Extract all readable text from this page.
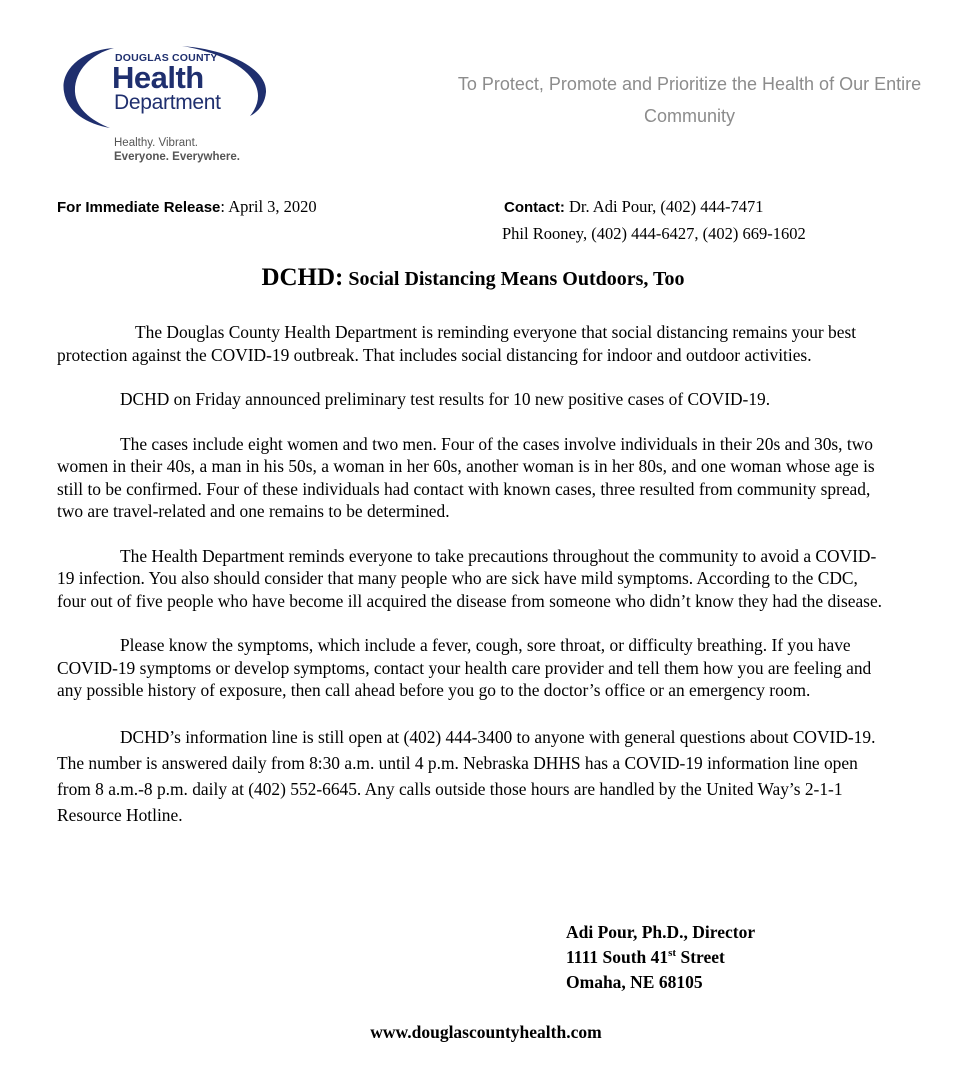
DOUGLAS COUNTY
Health
Department
Healthy. Vibrant.
Everyone. Everywhere.
To Protect, Promote and Prioritize the Health of Our Entire Community
For Immediate Release: April 3, 2020	Contact: Dr. Adi Pour, (402) 444-7471
Phil Rooney, (402) 444-6427, (402) 669-1602
DCHD: Social Distancing Means Outdoors, Too

The Douglas County Health Department is reminding everyone that social distancing remains your best protection against the COVID-19 outbreak. That includes social distancing for indoor and outdoor activities.

DCHD on Friday announced preliminary test results for 10 new positive cases of COVID-19.

The cases include eight women and two men. Four of the cases involve individuals in their 20s and 30s, two women in their 40s, a man in his 50s, a woman in her 60s, another woman is in her 80s, and one woman whose age is still to be confirmed. Four of these individuals had contact with known cases, three resulted from community spread, two are travel-related and one remains to be determined.

The Health Department reminds everyone to take precautions throughout the community to avoid a COVID-19 infection. You also should consider that many people who are sick have mild symptoms. According to the CDC, four out of five people who have become ill acquired the disease from someone who didn’t know they had the disease.

Please know the symptoms, which include a fever, cough, sore throat, or difficulty breathing. If you have COVID-19 symptoms or develop symptoms, contact your health care provider and tell them how you are feeling and any possible history of exposure, then call ahead before you go to the doctor’s office or an emergency room.

DCHD’s information line is still open at (402) 444-3400 to anyone with general questions about COVID-19. The number is answered daily from 8:30 a.m. until 4 p.m. Nebraska DHHS has a COVID-19 information line open from 8 a.m.-8 p.m. daily at (402) 552-6645. Any calls outside those hours are handled by the United Way’s 2-1-1 Resource Hotline.

Adi Pour, Ph.D., Director
1111 South 41st Street
Omaha, NE 68105
www.douglascountyhealth.com
